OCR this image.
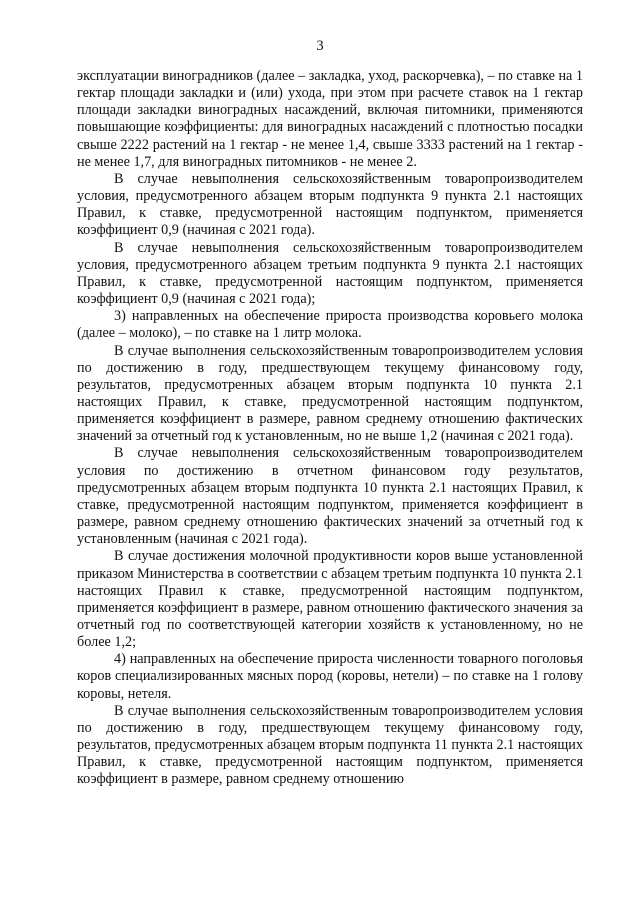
3

эксплуатации виноградников (далее – закладка, уход, раскорчевка), – по ставке на 1 гектар площади закладки и (или) ухода, при этом при расчете ставок на 1 гектар площади закладки виноградных насаждений, включая питомники, применяются повышающие коэффициенты: для виноградных насаждений с плотностью посадки свыше 2222 растений на 1 гектар - не менее 1,4, свыше 3333 растений на 1 гектар - не менее 1,7, для виноградных питомников - не менее 2.

В случае невыполнения сельскохозяйственным товаропроизводителем условия, предусмотренного абзацем вторым подпункта 9 пункта 2.1 настоящих Правил, к ставке, предусмотренной настоящим подпунктом, применяется коэффициент 0,9 (начиная с 2021 года).

В случае невыполнения сельскохозяйственным товаропроизводителем условия, предусмотренного абзацем третьим подпункта 9 пункта 2.1 настоящих Правил, к ставке, предусмотренной настоящим подпунктом, применяется коэффициент 0,9 (начиная с 2021 года);

3) направленных на обеспечение прироста производства коровьего молока (далее – молоко), – по ставке на 1 литр молока.

В случае выполнения сельскохозяйственным товаропроизводителем условия по достижению в году, предшествующем текущему финансовому году, результатов, предусмотренных абзацем вторым подпункта 10 пункта 2.1 настоящих Правил, к ставке, предусмотренной настоящим подпунктом, применяется коэффициент в размере, равном среднему отношению фактических значений за отчетный год к установленным, но не выше 1,2 (начиная с 2021 года).

В случае невыполнения сельскохозяйственным товаропроизводителем условия по достижению в отчетном финансовом году результатов, предусмотренных абзацем вторым подпункта 10 пункта 2.1 настоящих Правил, к ставке, предусмотренной настоящим подпунктом, применяется коэффициент в размере, равном среднему отношению фактических значений за отчетный год к установленным (начиная с 2021 года).

В случае достижения молочной продуктивности коров выше установленной приказом Министерства в соответствии с абзацем третьим подпункта 10 пункта 2.1 настоящих Правил к ставке, предусмотренной настоящим подпунктом, применяется коэффициент в размере, равном отношению фактического значения за отчетный год по соответствующей категории хозяйств к установленному, но не более 1,2;

4) направленных на обеспечение прироста численности товарного поголовья коров специализированных мясных пород (коровы, нетели) – по ставке на 1 голову коровы, нетеля.

В случае выполнения сельскохозяйственным товаропроизводителем условия по достижению в году, предшествующем текущему финансовому году, результатов, предусмотренных абзацем вторым подпункта 11 пункта 2.1 настоящих Правил, к ставке, предусмотренной настоящим подпунктом, применяется коэффициент в размере, равном среднему отношению
